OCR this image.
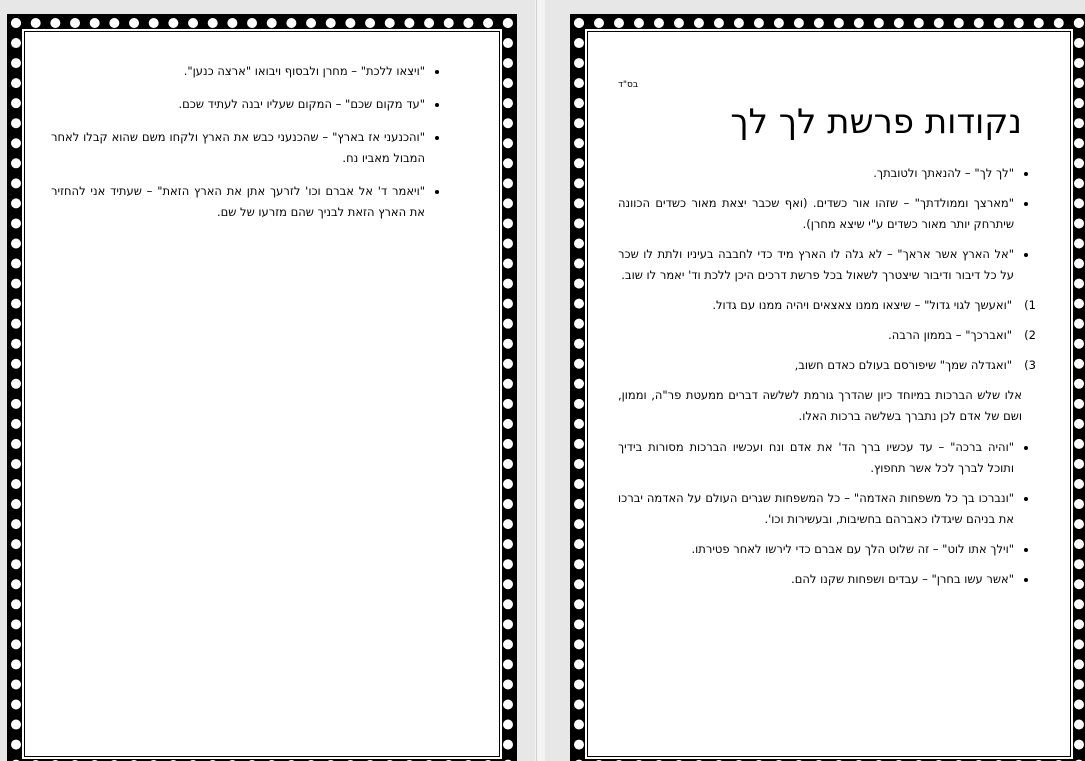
• "ויצאו ללכת" – מחרן ולבסוף ויבואו "ארצה כנען".
• "עד מקום שכם" – המקום שעליו יבנה לעתיד שכם.
• "והכנעני אז בארץ" – שהכנעני כבש את הארץ ולקחו משם שהוא קבלו לאחר המבול מאביו נח.
• "ויאמר ד' אל אברם וכו' לזרעך אתן את הארץ הזאת" – שעתיד אני להחזיר את הארץ הזאת לבניך שהם מזרעו של שם.
בס"ד
נקודות פרשת לך לך
• "לך לך" – להנאתך ולטובתך.
• "מארצך וממולדתך" – שזהו אור כשדים. (ואף שכבר יצאת מאור כשדים הכוונה שיתרחק יותר מאור כשדים ע"י שיצא מחרן).
• "אל הארץ אשר אראך" – לא גלה לו הארץ מיד כדי לחבבה בעיניו ולתת לו שכר על כל דיבור ודיבור שיצטרך לשאול בכל פרשת דרכים היכן ללכת וד' יאמר לו שוב.
1)
"ואעשך לגוי גדול" – שיצאו ממנו צאצאים ויהיה ממנו עם גדול.
2)
"ואברכך" – בממון הרבה.
3)
"ואגדלה שמך" שיפורסם בעולם כאדם חשוב,

אלו שלש הברכות במיוחד כיון שהדרך גורמת לשלשה דברים ממעטת פר"ה, וממון, ושם של אדם לכן נתברך בשלשה ברכות האלו.

• "והיה ברכה" – עד עכשיו ברך הד' את אדם ונח ועכשיו הברכות מסורות בידיך ותוכל לברך לכל אשר תחפוץ.
• "ונברכו בך כל משפחות האדמה" – כל המשפחות שגרים העולם על האדמה יברכו את בניהם שיגדלו כאברהם בחשיבות, ובעשירות וכו'.
• "וילך אתו לוט" – זה שלוט הלך עם אברם כדי לירשו לאחר פטירתו.
• "אשר עשו בחרן" – עבדים ושפחות שקנו להם.
